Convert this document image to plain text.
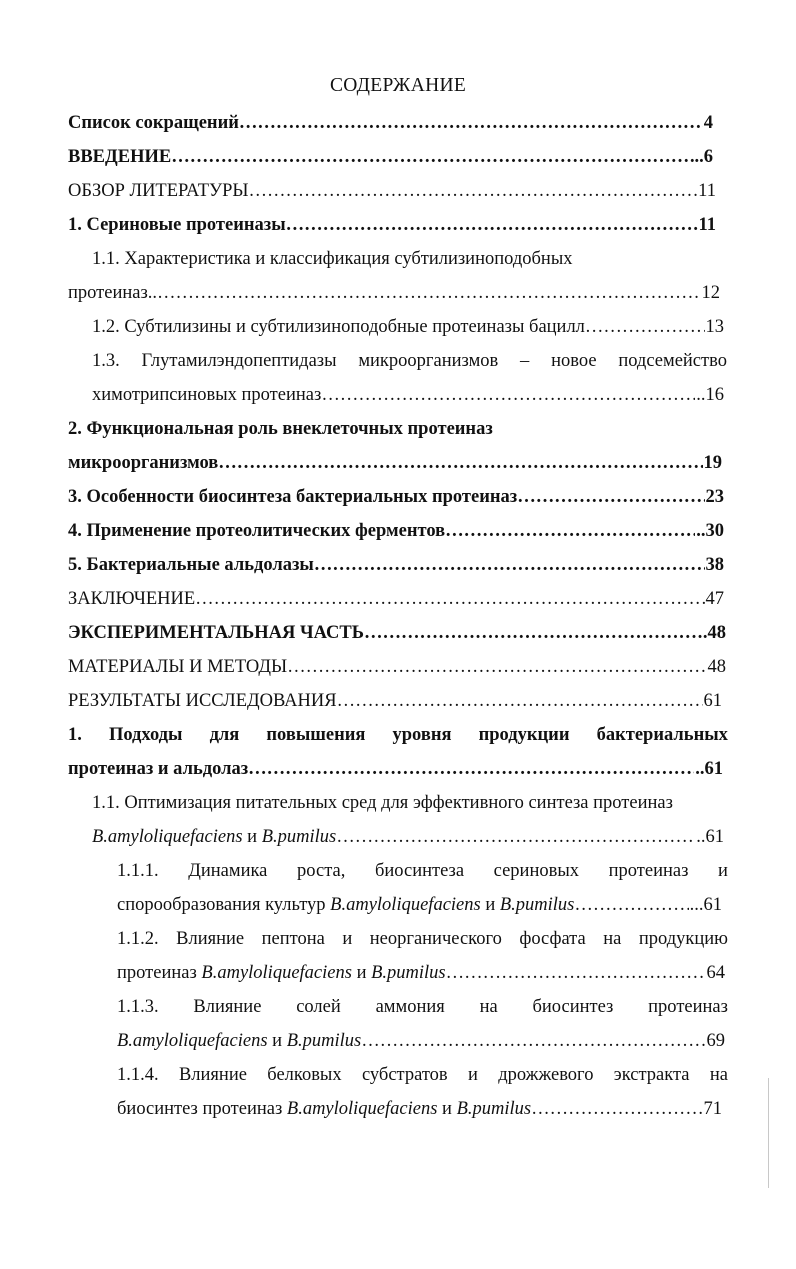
СОДЕРЖАНИЕ
Список сокращений …………………………………………………………………………………………………………………………………………………………………………………………………………	4
ВВЕДЕНИЕ …………………………………………………………………………………………………………………………………………………………………………………………………………	..6
ОБЗОР ЛИТЕРАТУРЫ …………………………………………………………………………………………………………………………………………………………………………………………………………	11
1. Сериновые протеиназы …………………………………………………………………………………………………………………………………………………………………………………………………………	11
1.1. Характеристика и классификация субтилизиноподобных
протеиназ.. …………………………………………………………………………………………………………………………………………………………………………………………………………	12
1.2. Субтилизины и субтилизиноподобные протеиназы бацилл …………………………………………………………………………………………………………………………………………………………………………………………………………	13
1.3. Глутамилэндопептидазы микроорганизмов – новое подсемейство
химотрипсиновых протеиназ …………………………………………………………………………………………………………………………………………………………………………………………………………	..16
2. Функциональная роль внеклеточных протеиназ
микроорганизмов …………………………………………………………………………………………………………………………………………………………………………………………………………	19
3. Особенности биосинтеза бактериальных протеиназ …………………………………………………………………………………………………………………………………………………………………………………………………………	23
4. Применение протеолитических ферментов …………………………………………………………………………………………………………………………………………………………………………………………………………	..30
5. Бактериальные альдолазы …………………………………………………………………………………………………………………………………………………………………………………………………………	38
ЗАКЛЮЧЕНИЕ …………………………………………………………………………………………………………………………………………………………………………………………………………	47
ЭКСПЕРИМЕНТАЛЬНАЯ ЧАСТЬ …………………………………………………………………………………………………………………………………………………………………………………………………………	.48
МАТЕРИАЛЫ И МЕТОДЫ …………………………………………………………………………………………………………………………………………………………………………………………………………	48
РЕЗУЛЬТАТЫ ИССЛЕДОВАНИЯ …………………………………………………………………………………………………………………………………………………………………………………………………………	61
1. Подходы для повышения уровня продукции бактериальных
протеиназ и альдолаз …………………………………………………………………………………………………………………………………………………………………………………………………………	..61
1.1. Оптимизация питательных сред для эффективного синтеза протеиназ
B.amyloliquefaciens и B.pumilus …………………………………………………………………………………………………………………………………………………………………………………………………………	..61
1.1.1. Динамика роста, биосинтеза сериновых протеиназ и
спорообразования культур B.amyloliquefaciens и B.pumilus …………………………………………………………………………………………………………………………………………………………………………………………………………	...61
1.1.2. Влияние пептона и неорганического фосфата на продукцию
протеиназ B.amyloliquefaciens и B.pumilus …………………………………………………………………………………………………………………………………………………………………………………………………………	64
1.1.3. Влияние солей аммония на биосинтез протеиназ
B.amyloliquefaciens и B.pumilus …………………………………………………………………………………………………………………………………………………………………………………………………………	69
1.1.4. Влияние белковых субстратов и дрожжевого экстракта на
биосинтез протеиназ B.amyloliquefaciens и B.pumilus …………………………………………………………………………………………………………………………………………………………………………………………………………	71
